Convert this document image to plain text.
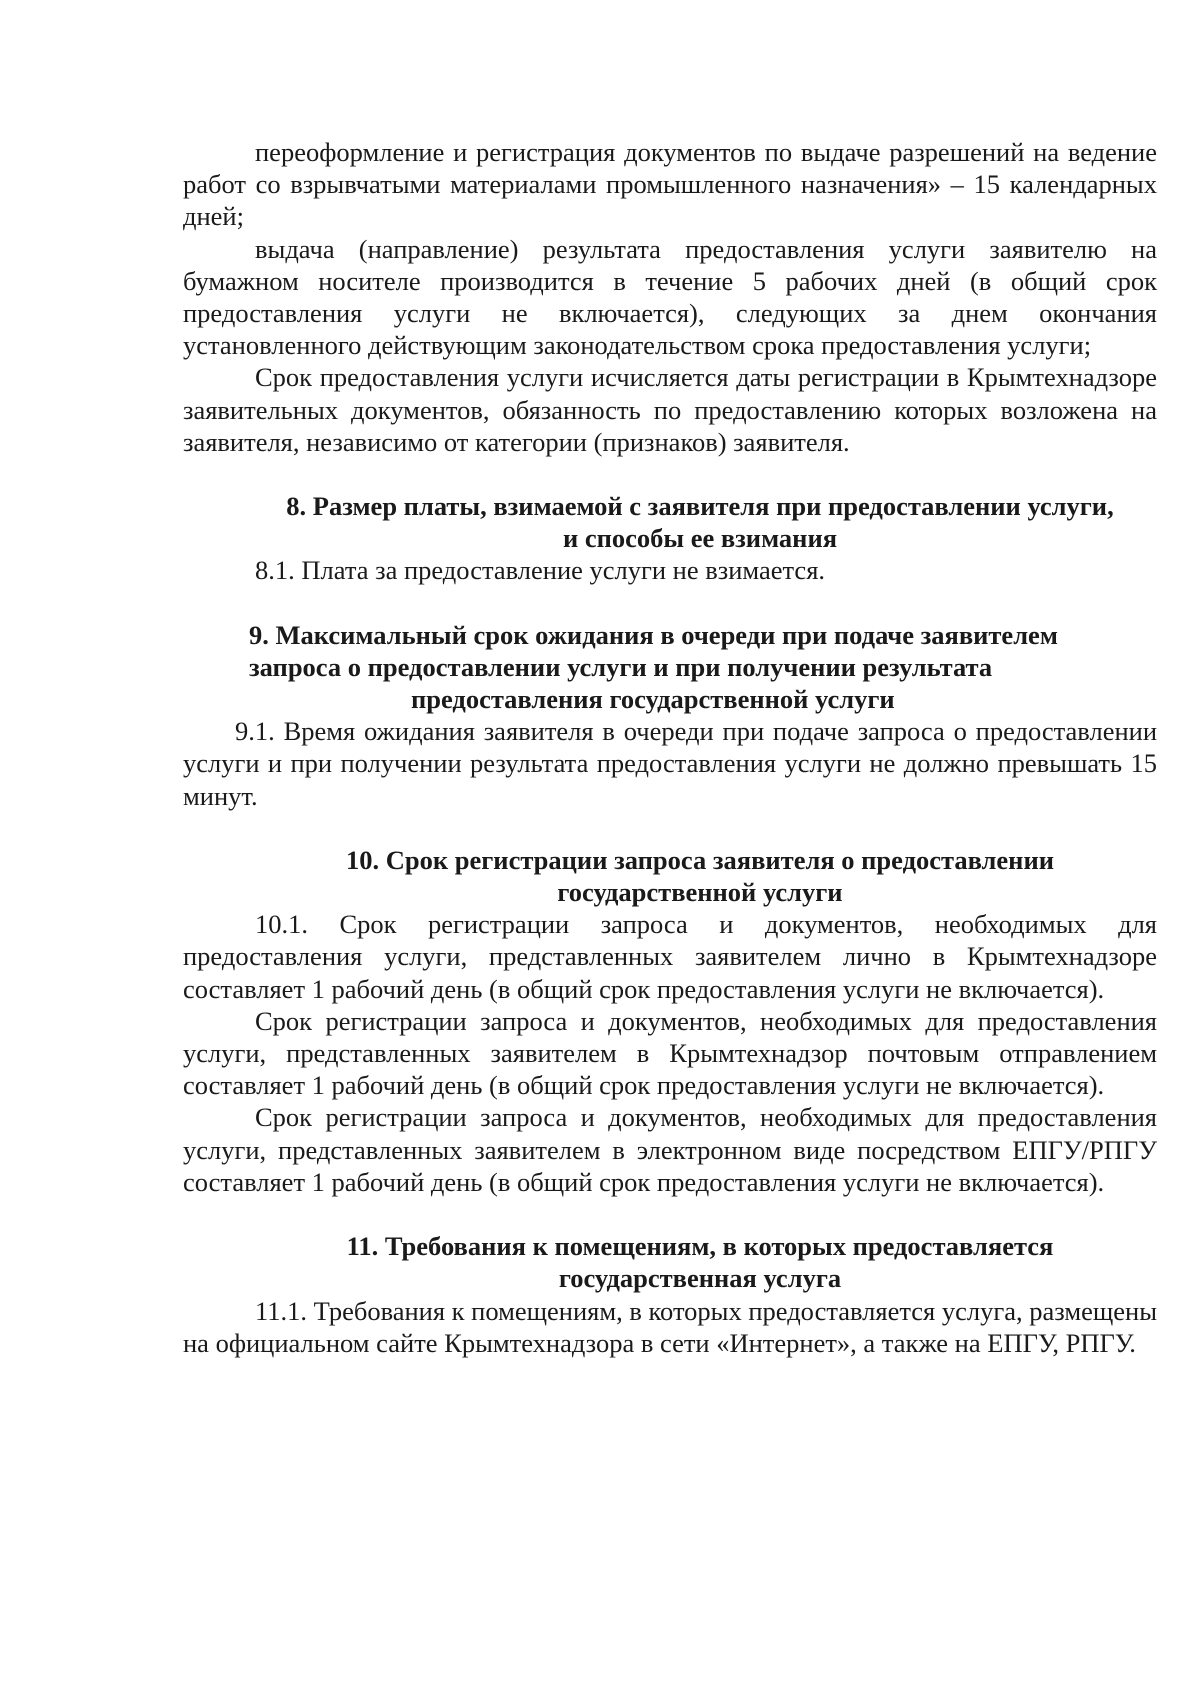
переоформление и регистрация документов по выдаче разрешений на ведение работ со взрывчатыми материалами промышленного назначения» – 15 календарных дней;

выдача (направление) результата предоставления услуги заявителю на бумажном носителе производится в течение 5 рабочих дней (в общий срок предоставления услуги не включается), следующих за днем окончания установленного действующим законодательством срока предоставления услуги;

Срок предоставления услуги исчисляется даты регистрации в Крымтехнадзоре заявительных документов, обязанность по предоставлению которых возложена на заявителя, независимо от категории (признаков) заявителя.

8. Размер платы, взимаемой с заявителя при предоставлении услуги,
и способы ее взимания

8.1. Плата за предоставление услуги не взимается.

9. Максимальный срок ожидания в очереди при подаче заявителем
запроса о предоставлении услуги и при получении результата
предоставления государственной услуги

9.1. Время ожидания заявителя в очереди при подаче запроса о предоставлении услуги и при получении результата предоставления услуги не должно превышать 15 минут.

10. Срок регистрации запроса заявителя о предоставлении
государственной услуги

10.1. Срок регистрации запроса и документов, необходимых для предоставления услуги, представленных заявителем лично в Крымтехнадзоре составляет 1 рабочий день (в общий срок предоставления услуги не включается).

Срок регистрации запроса и документов, необходимых для предоставления услуги, представленных заявителем в Крымтехнадзор почтовым отправлением составляет 1 рабочий день (в общий срок предоставления услуги не включается).

Срок регистрации запроса и документов, необходимых для предоставления услуги, представленных заявителем в электронном виде посредством ЕПГУ/РПГУ составляет 1 рабочий день (в общий срок предоставления услуги не включается).

11. Требования к помещениям, в которых предоставляется
государственная услуга

11.1. Требования к помещениям, в которых предоставляется услуга, размещены на официальном сайте Крымтехнадзора в сети «Интернет», а также на ЕПГУ, РПГУ.
